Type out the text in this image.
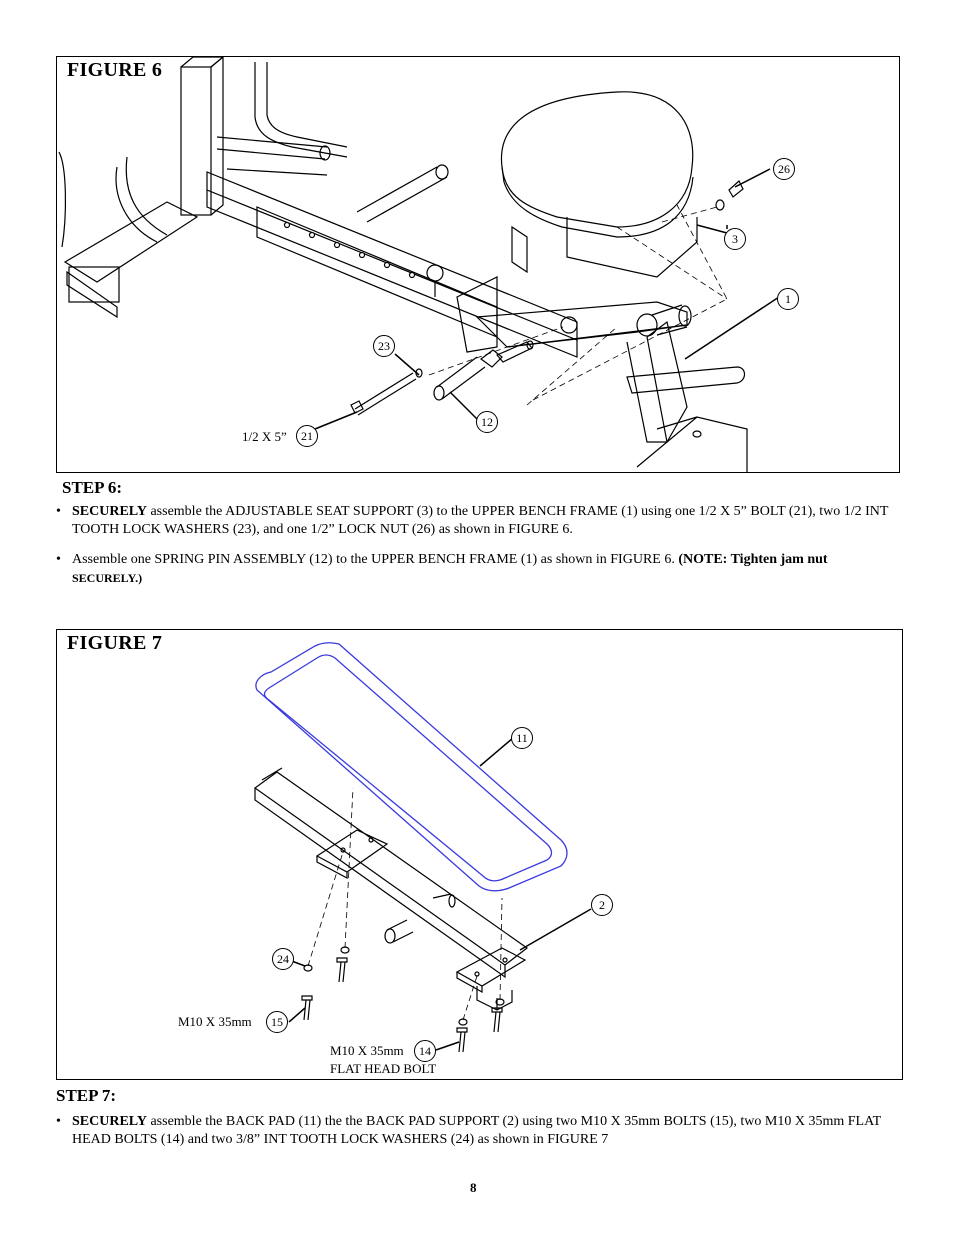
FIGURE 6
26
3
1
23
12
21
1/2 X 5”
STEP 6:
• SECURELY assemble the ADJUSTABLE SEAT SUPPORT (3) to the UPPER BENCH FRAME (1) using one 1/2 X 5” BOLT (21), two 1/2 INT TOOTH LOCK WASHERS (23), and one 1/2” LOCK NUT (26) as shown in FIGURE 6.
• Assemble one SPRING PIN ASSEMBLY (12) to the UPPER BENCH FRAME (1) as shown in FIGURE 6. (NOTE: Tighten jam nut
SECURELY.)
FIGURE 7
11
2
24
15
14
M10 X 35mm
M10 X 35mm
FLAT HEAD BOLT
STEP 7:
• SECURELY assemble the BACK PAD (11) the the BACK PAD SUPPORT (2) using two M10 X 35mm BOLTS (15), two M10 X 35mm FLAT HEAD BOLTS (14) and two 3/8” INT TOOTH LOCK WASHERS (24) as shown in FIGURE 7
8
